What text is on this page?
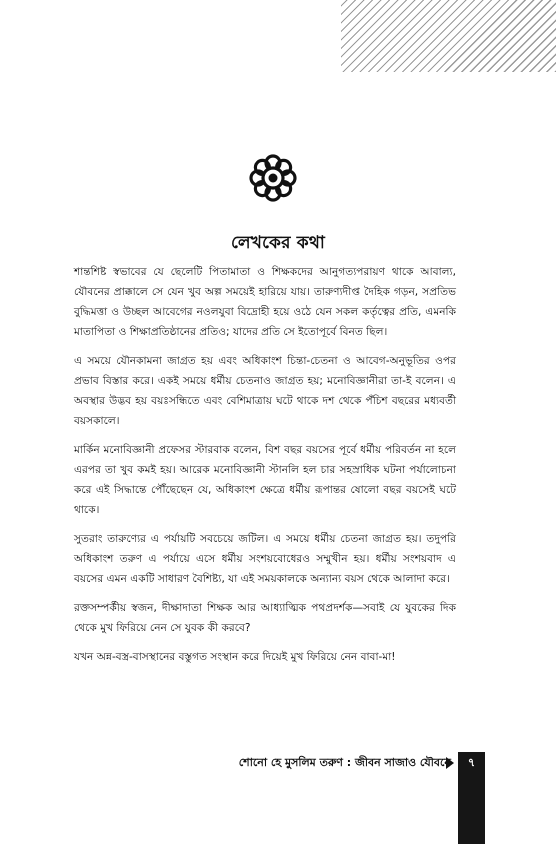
লেখকের কথা

শান্তশিষ্ট স্বভাবের যে ছেলেটি পিতামাতা ও শিক্ষকদের আনুগত্যপরায়ণ থাকে আবাল্য, যৌবনের প্রাক্কালে সে যেন খুব অল্প সময়েই হারিয়ে যায়। তারুণ্যদীপ্ত দৈহিক গড়ন, সপ্রতিভ বুদ্ধিমত্তা ও উচ্ছল আবেগের নওলযুবা বিদ্রোহী হয়ে ওঠে যেন সকল কর্তৃত্বের প্রতি, এমনকি মাতাপিতা ও শিক্ষাপ্রতিষ্ঠানের প্রতিও; যাদের প্রতি সে ইতোপূর্বে বিনত ছিল।

এ সময়ে যৌনকামনা জাগ্রত হয় এবং অধিকাংশ চিন্তা-চেতনা ও আবেগ-অনুভূতির ওপর প্রভাব বিস্তার করে। একই সময়ে ধর্মীয় চেতনাও জাগ্রত হয়; মনোবিজ্ঞানীরা তা-ই বলেন। এ অবস্থার উদ্ভব হয় বয়ঃসন্ধিতে এবং বেশিমাত্রায় ঘটে থাকে দশ থেকে পঁচিশ বছরের মধ্যবর্তী বয়সকালে।

মার্কিন মনোবিজ্ঞানী প্রফেসর স্টারবাক বলেন, বিশ বছর বয়সের পূর্বে ধর্মীয় পরিবর্তন না হলে এরপর তা খুব কমই হয়। আরেক মনোবিজ্ঞানী স্টানলি হল চার সহস্রাধিক ঘটনা পর্যালোচনা করে এই সিদ্ধান্তে পৌঁছেছেন যে, অধিকাংশ ক্ষেত্রে ধর্মীয় রূপান্তর ষোলো বছর বয়সেই ঘটে থাকে।

সুতরাং তারুণ্যের এ পর্যায়টি সবচেয়ে জটিল। এ সময়ে ধর্মীয় চেতনা জাগ্রত হয়। তদুপরি অধিকাংশ তরুণ এ পর্যায়ে এসে ধর্মীয় সংশয়বোধেরও সম্মুখীন হয়। ধর্মীয় সংশয়বাদ এ বয়সের এমন একটি সাধারণ বৈশিষ্ট্য, যা এই সময়কালকে অন্যান্য বয়স থেকে আলাদা করে।

রক্তসম্পর্কীয় স্বজন, দীক্ষাদাতা শিক্ষক আর আধ্যাত্মিক পথপ্রদর্শক—সবাই যে যুবকের দিক থেকে মুখ ফিরিয়ে নেন সে যুবক কী করবে?

যখন অন্ন-বস্ত্র-বাসস্থানের বস্তুগত সংস্থান করে দিয়েই মুখ ফিরিয়ে নেন বাবা-মা!

শোনো হে মুসলিম তরুণ : জীবন সাজাও যৌবনে	৭
